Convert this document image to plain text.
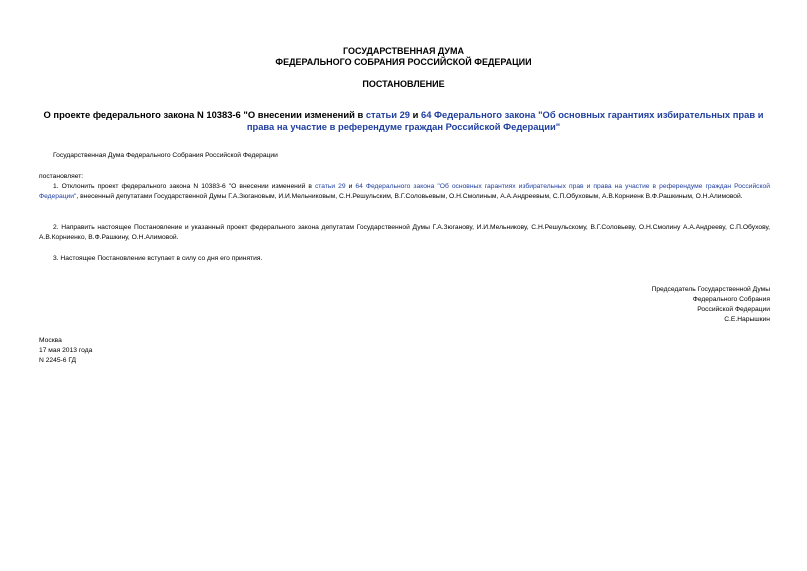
ГОСУДАРСТВЕННАЯ ДУМА
ФЕДЕРАЛЬНОГО СОБРАНИЯ РОССИЙСКОЙ ФЕДЕРАЦИИ
ПОСТАНОВЛЕНИЕ
О проекте федерального закона N 10383-6 "О внесении изменений в статьи 29 и 64 Федерального закона "Об основных гарантиях избирательных прав и права на участие в референдуме граждан Российской Федерации"
Государственная Дума Федерального Собрания Российской Федерации
постановляет:
1. Отклонить проект федерального закона N 10383-6 "О внесении изменений в статьи 29 и 64 Федерального закона "Об основных гарантиях избирательных прав и права на участие в референдуме граждан Российской Федерации", внесенный депутатами Государственной Думы Г.А.Зюгановым, И.И.Мельниковым, С.Н.Решульским, В.Г.Соловьевым, О.Н.Смолиным, А.А.Андреевым, С.П.Обуховым, А.В.Корниенк В.Ф.Рашкиным, О.Н.Алимовой.
2. Направить настоящее Постановление и указанный проект федерального закона депутатам Государственной Думы Г.А.Зюганову, И.И.Мельникову, С.Н.Решульскому, В.Г.Соловьеву, О.Н.Смолину А.А.Андрееву, С.П.Обухову, А.В.Корниенко, В.Ф.Рашкину, О.Н.Алимовой.
3. Настоящее Постановление вступает в силу со дня его принятия.
Председатель Государственной Думы
Федерального Собрания
Российской Федерации
С.Е.Нарышкин
Москва
17 мая 2013 года
N 2245-6 ГД
